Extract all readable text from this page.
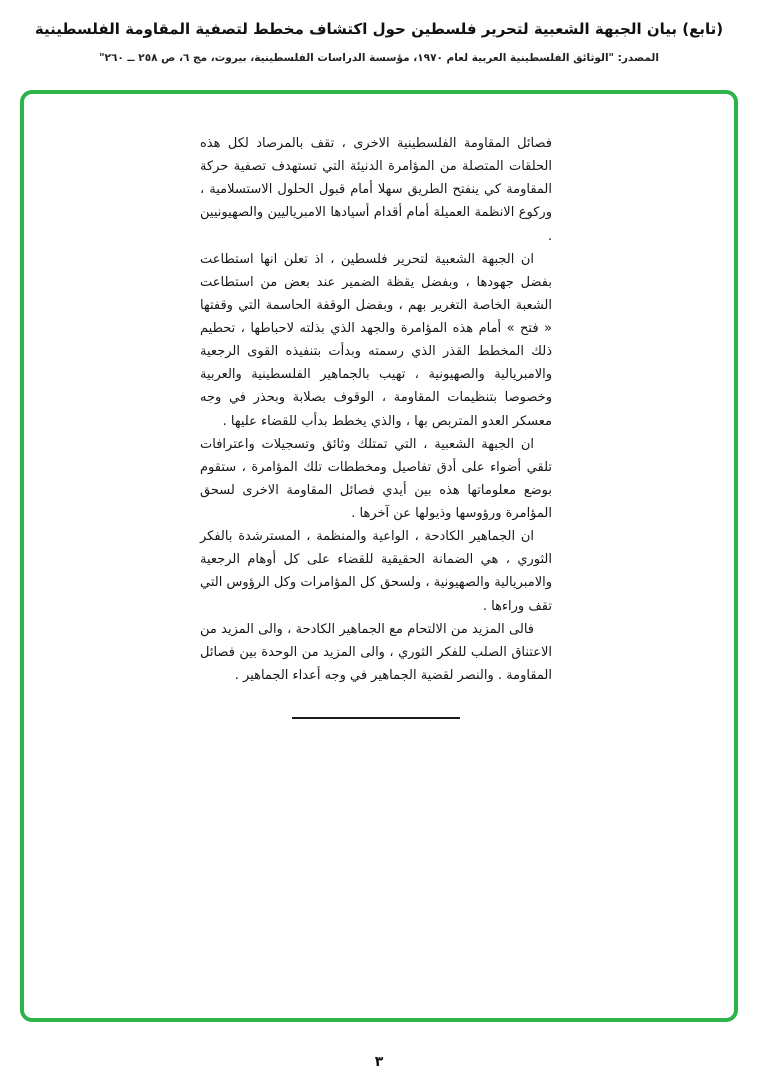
(تابع) بيان الجبهة الشعبية لتحرير فلسطين حول اكتشاف مخطط لتصفية المقاومة الفلسطينية
المصدر: "الوثائق الفلسطينية العربية لعام ١٩٧٠، مؤسسة الدراسات الفلسطينية، بيروت، مج ٦، ص ٢٥٨ ــ ٢٦٠"

فصائل المقاومة الفلسطينية الاخرى ، تقف بالمرصاد لكل هذه الحلقات المتصلة من المؤامرة الدنيئة التي تستهدف تصفية حركة المقاومة كي ينفتح الطريق سهلا أمام قبول الحلول الاستسلامية ، وركوع الانظمة العميلة أمام أقدام أسيادها الامبرياليين والصهيونيين .

ان الجبهة الشعبية لتحرير فلسطين ، اذ تعلن انها استطاعت بفضل جهودها ، وبفضل يقظة الضمير عند بعض من استطاعت الشعبة الخاصة التغرير بهم ، وبفضل الوقفة الحاسمة التي وقفتها « فتح » أمام هذه المؤامرة والجهد الذي بذلته لاحباطها ، تحطيم ذلك المخطط القذر الذي رسمته وبدأت بتنفيذه القوى الرجعية والامبريالية والصهيونية ، تهيب بالجماهير الفلسطينية والعربية وخصوصا بتنظيمات المقاومة ، الوقوف بصلابة وبحذر في وجه معسكر العدو المتربص بها ، والذي يخطط بدأب للقضاء عليها .

ان الجبهة الشعبية ، التي تمتلك وثائق وتسجيلات واعترافات تلقي أضواء على أدق تفاصيل ومخططات تلك المؤامرة ، ستقوم بوضع معلوماتها هذه بين أيدي فصائل المقاومة الاخرى لسحق المؤامرة ورؤوسها وذيولها عن آخرها .

ان الجماهير الكادحة ، الواعية والمنظمة ، المسترشدة بالفكر الثوري ، هي الضمانة الحقيقية للقضاء على كل أوهام الرجعية والامبريالية والصهيونية ، ولسحق كل المؤامرات وكل الرؤوس التي تقف وراءها .

فالى المزيد من الالتحام مع الجماهير الكادحة ، والى المزيد من الاعتناق الصلب للفكر الثوري ، والى المزيد من الوحدة بين فصائل المقاومة . والنصر لقضية الجماهير في وجه أعداء الجماهير .

٣
